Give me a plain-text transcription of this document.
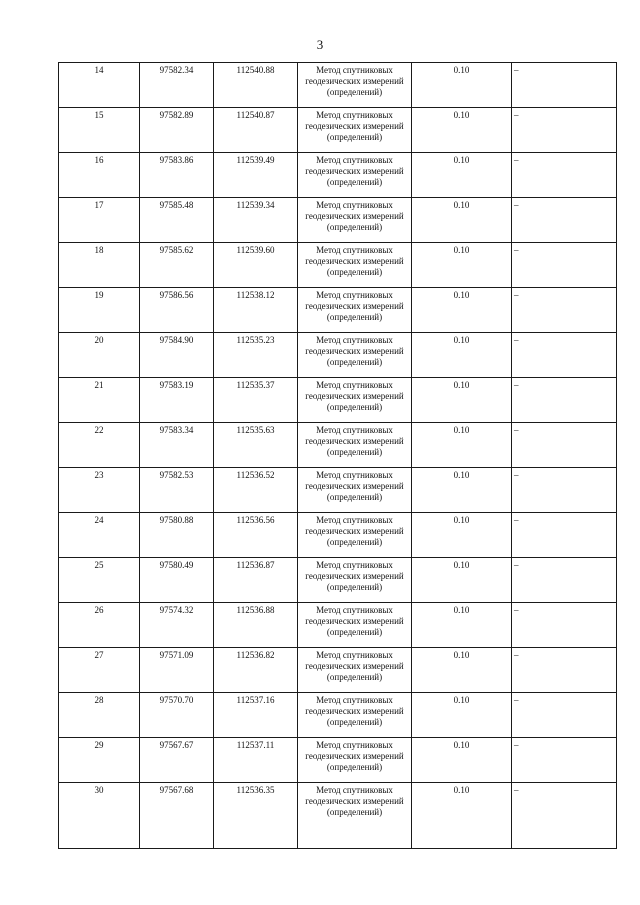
3
14	97582.34	112540.88	Метод спутниковых геодезических измерений (определений)	0.10	–
15	97582.89	112540.87	Метод спутниковых геодезических измерений (определений)	0.10	–
16	97583.86	112539.49	Метод спутниковых геодезических измерений (определений)	0.10	–
17	97585.48	112539.34	Метод спутниковых геодезических измерений (определений)	0.10	–
18	97585.62	112539.60	Метод спутниковых геодезических измерений (определений)	0.10	–
19	97586.56	112538.12	Метод спутниковых геодезических измерений (определений)	0.10	–
20	97584.90	112535.23	Метод спутниковых геодезических измерений (определений)	0.10	–
21	97583.19	112535.37	Метод спутниковых геодезических измерений (определений)	0.10	–
22	97583.34	112535.63	Метод спутниковых геодезических измерений (определений)	0.10	–
23	97582.53	112536.52	Метод спутниковых геодезических измерений (определений)	0.10	–
24	97580.88	112536.56	Метод спутниковых геодезических измерений (определений)	0.10	–
25	97580.49	112536.87	Метод спутниковых геодезических измерений (определений)	0.10	–
26	97574.32	112536.88	Метод спутниковых геодезических измерений (определений)	0.10	–
27	97571.09	112536.82	Метод спутниковых геодезических измерений (определений)	0.10	–
28	97570.70	112537.16	Метод спутниковых геодезических измерений (определений)	0.10	–
29	97567.67	112537.11	Метод спутниковых геодезических измерений (определений)	0.10	–
30	97567.68	112536.35	Метод спутниковых геодезических измерений (определений)	0.10	–
